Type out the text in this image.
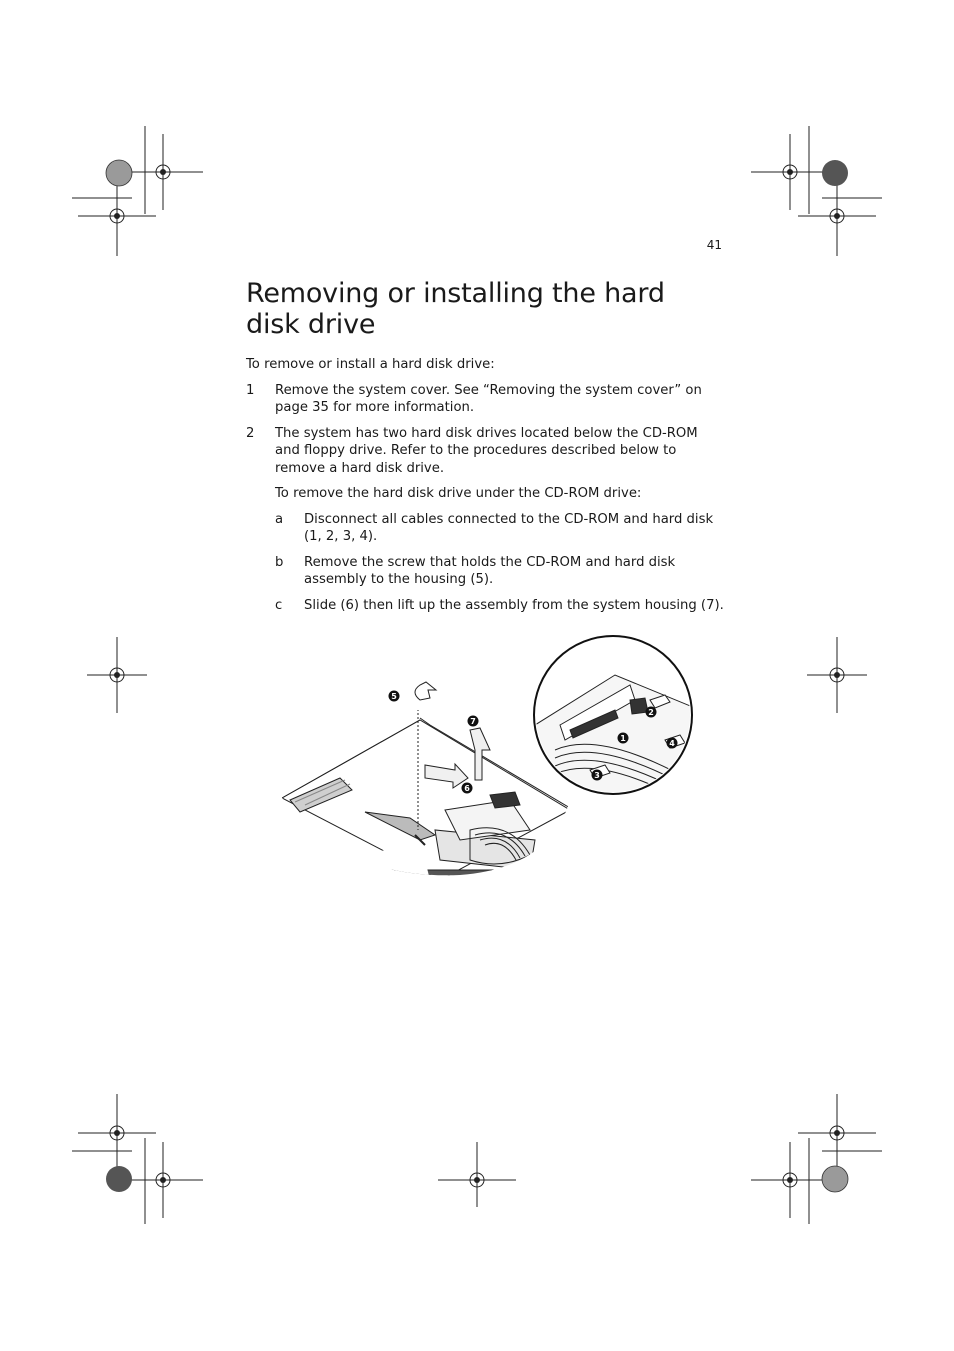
41
Removing or installing the hard disk drive

To remove or install a hard disk drive:

1 Remove the system cover. See “Removing the system cover” on page 35 for more information.
2 The system has two hard disk drives located below the CD-ROM and floppy drive. Refer to the procedures described below to remove a hard disk drive.

To remove the hard disk drive under the CD-ROM drive:

a Disconnect all cables connected to the CD-ROM and hard disk (1, 2, 3, 4).
b Remove the screw that holds the CD-ROM and hard disk assembly to the housing (5).
c Slide (6) then lift up the assembly from the system housing (7).
1
2
3
4
5
6
7
